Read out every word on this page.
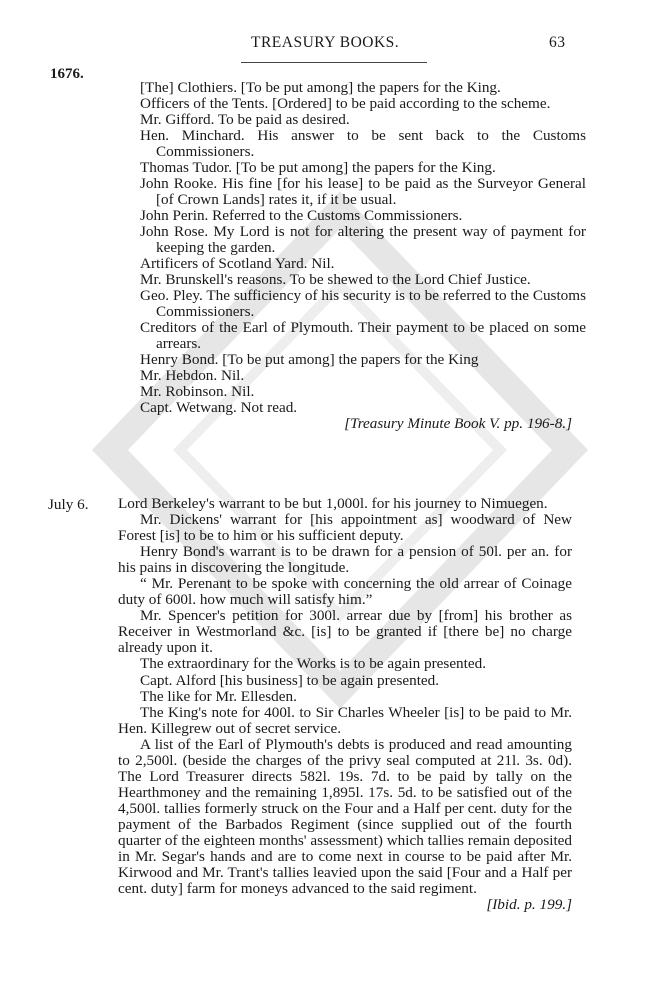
TREASURY BOOKS.	63
1676.
[The] Clothiers. [To be put among] the papers for the King.
Officers of the Tents. [Ordered] to be paid according to the scheme.
Mr. Gifford. To be paid as desired.
Hen. Minchard. His answer to be sent back to the Customs Commissioners.
Thomas Tudor. [To be put among] the papers for the King.
John Rooke. His fine [for his lease] to be paid as the Surveyor General [of Crown Lands] rates it, if it be usual.
John Perin. Referred to the Customs Commissioners.
John Rose. My Lord is not for altering the present way of payment for keeping the garden.
Artificers of Scotland Yard. Nil.
Mr. Brunskell's reasons. To be shewed to the Lord Chief Justice.
Geo. Pley. The sufficiency of his security is to be referred to the Customs Commissioners.
Creditors of the Earl of Plymouth. Their payment to be placed on some arrears.
Henry Bond. [To be put among] the papers for the King
Mr. Hebdon. Nil.
Mr. Robinson. Nil.
Capt. Wetwang. Not read.
[Treasury Minute Book V. pp. 196-8.]
July 6. Lord Berkeley's warrant to be but 1,000l. for his journey to Nimuegen.

Mr. Dickens' warrant for [his appointment as] woodward of New Forest [is] to be to him or his sufficient deputy.

Henry Bond's warrant is to be drawn for a pension of 50l. per an. for his pains in discovering the longitude.

“ Mr. Perenant to be spoke with concerning the old arrear of Coinage duty of 600l. how much will satisfy him.”

Mr. Spencer's petition for 300l. arrear due by [from] his brother as Receiver in Westmorland &c. [is] to be granted if [there be] no charge already upon it.

The extraordinary for the Works is to be again presented.

Capt. Alford [his business] to be again presented.

The like for Mr. Ellesden.

The King's note for 400l. to Sir Charles Wheeler [is] to be paid to Mr. Hen. Killegrew out of secret service.

A list of the Earl of Plymouth's debts is produced and read amounting to 2,500l. (beside the charges of the privy seal computed at 21l. 3s. 0d). The Lord Treasurer directs 582l. 19s. 7d. to be paid by tally on the Hearthmoney and the remaining 1,895l. 17s. 5d. to be satisfied out of the 4,500l. tallies formerly struck on the Four and a Half per cent. duty for the payment of the Barbados Regiment (since supplied out of the fourth quarter of the eighteen months' assessment) which tallies remain deposited in Mr. Segar's hands and are to come next in course to be paid after Mr. Kirwood and Mr. Trant's tallies leavied upon the said [Four and a Half per cent. duty] farm for moneys advanced to the said regiment.

[Ibid. p. 199.]
